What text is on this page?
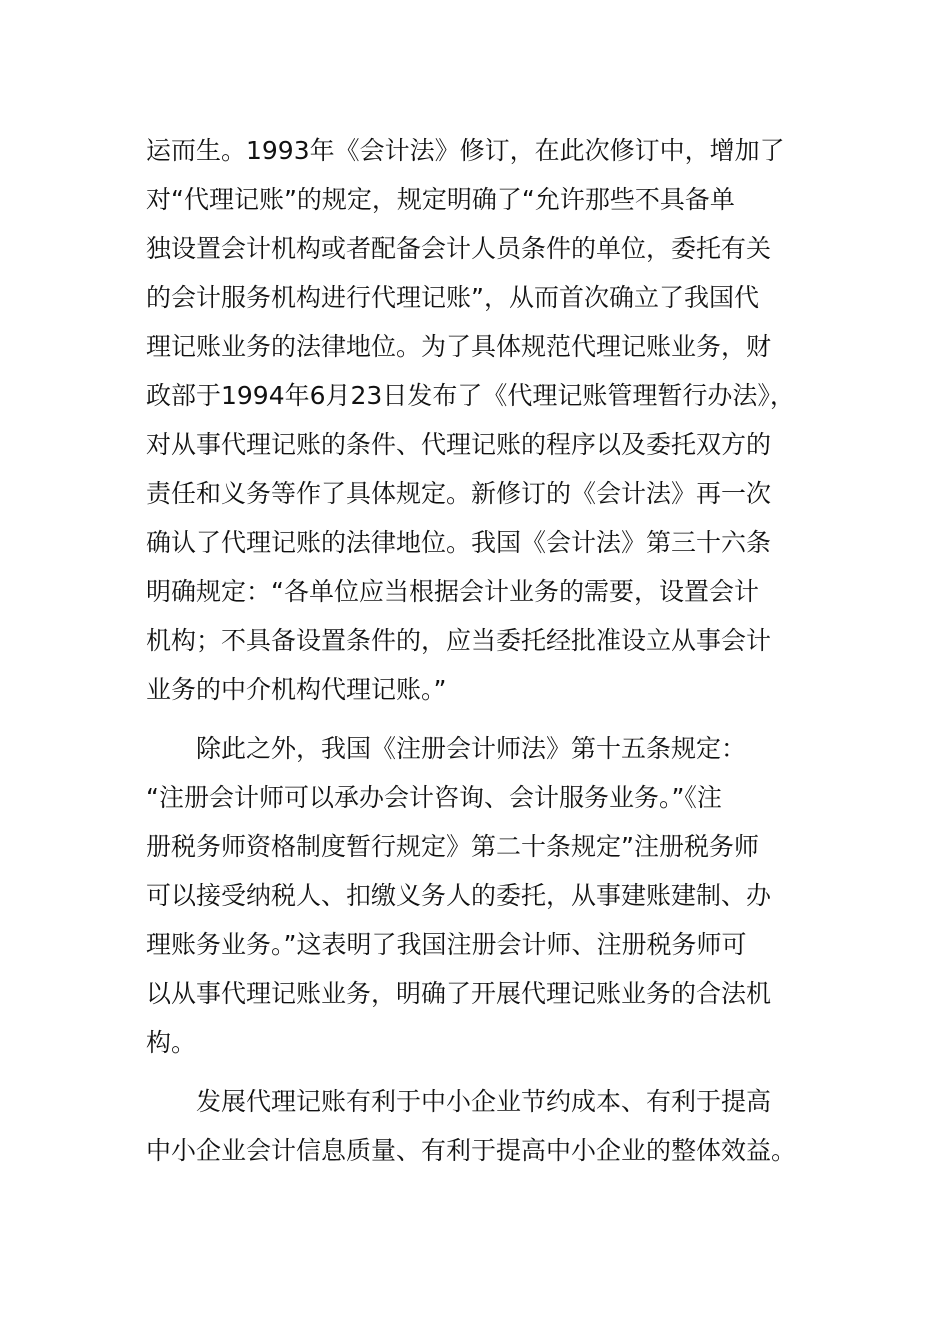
运而生。1993年《会计法》修订，在此次修订中，增加了
对“代理记账”的规定，规定明确了“允许那些不具备单
独设置会计机构或者配备会计人员条件的单位，委托有关
的会计服务机构进行代理记账”，从而首次确立了我国代
理记账业务的法律地位。为了具体规范代理记账业务，财
政部于1994年6月23日发布了《代理记账管理暂行办法》，
对从事代理记账的条件、代理记账的程序以及委托双方的
责任和义务等作了具体规定。新修订的《会计法》再一次
确认了代理记账的法律地位。我国《会计法》第三十六条
明确规定：“各单位应当根据会计业务的需要，设置会计
机构；不具备设置条件的，应当委托经批准设立从事会计
业务的中介机构代理记账。”
除此之外，我国《注册会计师法》第十五条规定：
“注册会计师可以承办会计咨询、会计服务业务。”《注
册税务师资格制度暂行规定》第二十条规定”注册税务师
可以接受纳税人、扣缴义务人的委托，从事建账建制、办
理账务业务。”这表明了我国注册会计师、注册税务师可
以从事代理记账业务，明确了开展代理记账业务的合法机
构。
发展代理记账有利于中小企业节约成本、有利于提高
中小企业会计信息质量、有利于提高中小企业的整体效益。
